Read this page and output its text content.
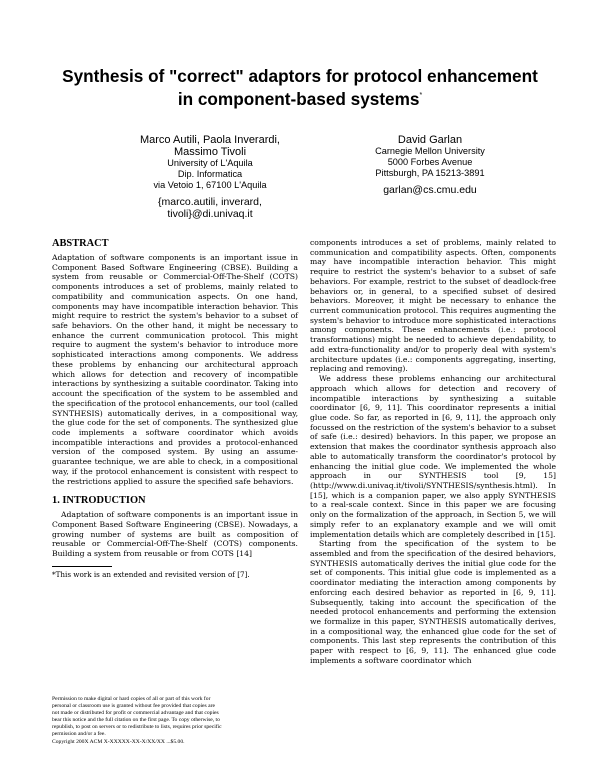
Synthesis of "correct" adaptors for protocol enhancement
in component-based systems*
Marco Autili, Paola Inverardi,
Massimo Tivoli
University of L'Aquila
Dip. Informatica
via Vetoio 1, 67100 L'Aquila
{marco.autili, inverard,
tivoli}@di.univaq.it
David Garlan
Carnegie Mellon University
5000 Forbes Avenue
Pittsburgh, PA 15213-3891
garlan@cs.cmu.edu
ABSTRACT

Adaptation of software components is an important issue in Component Based Software Engineering (CBSE). Building a system from reusable or Commercial-Off-The-Shelf (COTS) components introduces a set of problems, mainly related to compatibility and communication aspects. On one hand, components may have incompatible interaction behavior. This might require to restrict the system's behavior to a subset of safe behaviors. On the other hand, it might be necessary to enhance the current communication protocol. This might require to augment the system's behavior to introduce more sophisticated interactions among components. We address these problems by enhancing our architectural approach which allows for detection and recovery of incompatible interactions by synthesizing a suitable coordinator. Taking into account the specification of the system to be assembled and the specification of the protocol enhancements, our tool (called SYNTHESIS) automatically derives, in a compositional way, the glue code for the set of components. The synthesized glue code implements a software coordinator which avoids incompatible interactions and provides a protocol-enhanced version of the composed system. By using an assume-guarantee technique, we are able to check, in a compositional way, if the protocol enhancement is consistent with respect to the restrictions applied to assure the specified safe behaviors.

1. INTRODUCTION

Adaptation of software components is an important issue in Component Based Software Engineering (CBSE). Nowadays, a growing number of systems are built as composition of reusable or Commercial-Off-The-Shelf (COTS) components. Building a system from reusable or from COTS [14]

*This work is an extended and revisited version of [7].

Permission to make digital or hard copies of all or part of this work for

personal or classroom use is granted without fee provided that copies are

not made or distributed for profit or commercial advantage and that copies

bear this notice and the full citation on the first page. To copy otherwise, to

republish, to post on servers or to redistribute to lists, requires prior specific

permission and/or a fee.

Copyright 200X ACM X-XXXXX-XX-X/XX/XX ...$5.00.

components introduces a set of problems, mainly related to communication and compatibility aspects. Often, components may have incompatible interaction behavior. This might require to restrict the system's behavior to a subset of safe behaviors. For example, restrict to the subset of deadlock-free behaviors or, in general, to a specified subset of desired behaviors. Moreover, it might be necessary to enhance the current communication protocol. This requires augmenting the system's behavior to introduce more sophisticated interactions among components. These enhancements (i.e.: protocol transformations) might be needed to achieve dependability, to add extra-functionality and/or to properly deal with system's architecture updates (i.e.: components aggregating, inserting, replacing and removing).

We address these problems enhancing our architectural approach which allows for detection and recovery of incompatible interactions by synthesizing a suitable coordinator [6, 9, 11]. This coordinator represents a initial glue code. So far, as reported in [6, 9, 11], the approach only focussed on the restriction of the system's behavior to a subset of safe (i.e.: desired) behaviors. In this paper, we propose an extension that makes the coordinator synthesis approach also able to automatically transform the coordinator's protocol by enhancing the initial glue code. We implemented the whole approach in our SYNTHESIS tool [9, 15] (http://www.di.univaq.it/tivoli/SYNTHESIS/synthesis.html). In [15], which is a companion paper, we also apply SYNTHESIS to a real-scale context. Since in this paper we are focusing only on the formalization of the approach, in Section 5, we will simply refer to an explanatory example and we will omit implementation details which are completely described in [15].

Starting from the specification of the system to be assembled and from the specification of the desired behaviors, SYNTHESIS automatically derives the initial glue code for the set of components. This initial glue code is implemented as a coordinator mediating the interaction among components by enforcing each desired behavior as reported in [6, 9, 11]. Subsequently, taking into account the specification of the needed protocol enhancements and performing the extension we formalize in this paper, SYNTHESIS automatically derives, in a compositional way, the enhanced glue code for the set of components. This last step represents the contribution of this paper with respect to [6, 9, 11]. The enhanced glue code implements a software coordinator which
